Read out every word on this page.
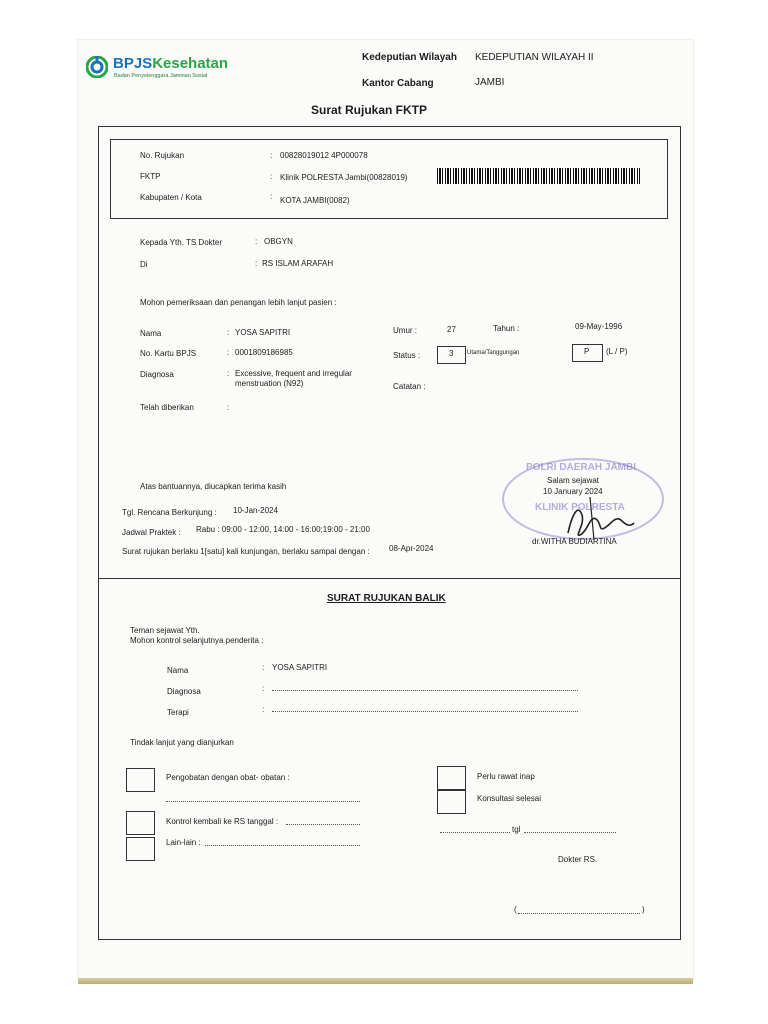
BPJSKesehatan
Badan Penyelenggara Jaminan Sosial
Kedeputian Wilayah KEDEPUTIAN WILAYAH II
Kantor Cabang	JAMBI
Surat Rujukan FKTP
No. Rujukan	: 00828019012 4P000078
FKTP	: Klinik POLRESTA Jambi(00828019)
Kabupaten / Kota	: KOTA JAMBI(0082)
Kepada Yth. TS Dokter	: OBGYN
Di	: RS ISLAM ARAFAH
Mohon pemeriksaan dan penangan lebih lanjut pasien :
Nama	: YOSA SAPITRI
No. Kartu BPJS	: 0001809186985
Diagnosa	: Excessive, frequent and irregular
menstruation (N92)
Telah diberikan	:
Umur :	27	Tahun :	09-May-1996
Status :	3 Utama/Tanggungan	P (L / P)
Catatan :
POLRI DAERAH JAMBI
KLINIK POLRESTA
Atas bantuannya, diucapkan terima kasih
Tgl. Rencana Berkunjung : 10-Jan-2024
Jadwal Praktek : Rabu : 09:00 - 12:00, 14:00 - 16:00;19:00 - 21:00
Surat rujukan berlaku 1[satu] kali kunjungan, berlaku sampai dengan : 08-Apr-2024
Salam sejawat
10 January 2024
dr.WITHA BUDIARTINA
SURAT RUJUKAN BALIK
Teman sejawat Yth.
Mohon kontrol selanjutnya penderita :
Nama	: YOSA SAPITRI
Diagnosa	:
Terapi	:
Tindak lanjut yang dianjurkan
Pengobatan dengan obat- obatan :
Kontrol kembali ke RS tanggal :
Lain-lain :
Perlu rawat inap
Konsultasi selesai
tgl
Dokter RS.
(	)
